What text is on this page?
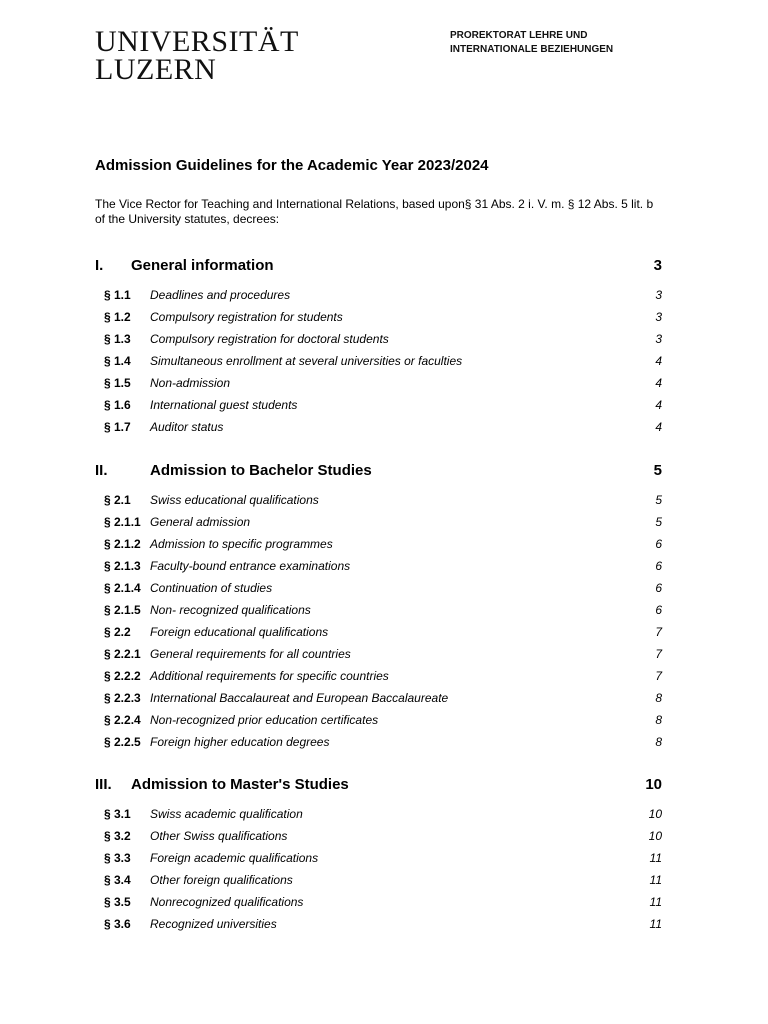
UNIVERSITÄT
LUZERN
PROREKTORAT LEHRE UND
INTERNATIONALE BEZIEHUNGEN
Admission Guidelines for the Academic Year 2023/2024

The Vice Rector for Teaching and International Relations, based upon§ 31 Abs. 2 i. V. m. § 12 Abs. 5 lit. b of the University statutes, decrees:

I. General information	3
§ 1.1 Deadlines and procedures	3
§ 1.2 Compulsory registration for students	3
§ 1.3 Compulsory registration for doctoral students	3
§ 1.4 Simultaneous enrollment at several universities or faculties	4
§ 1.5 Non-admission	4
§ 1.6 International guest students	4
§ 1.7 Auditor status	4
II.	Admission to Bachelor Studies	5
§ 2.1 Swiss educational qualifications	5
§ 2.1.1 General admission	5
§ 2.1.2 Admission to specific programmes	6
§ 2.1.3 Faculty-bound entrance examinations	6
§ 2.1.4 Continuation of studies	6
§ 2.1.5 Non- recognized qualifications	6
§ 2.2 Foreign educational qualifications	7
§ 2.2.1 General requirements for all countries	7
§ 2.2.2 Additional requirements for specific countries	7
§ 2.2.3 International Baccalaureat and European Baccalaureate	8
§ 2.2.4 Non-recognized prior education certificates	8
§ 2.2.5 Foreign higher education degrees	8
III. Admission to Master's Studies	10
§ 3.1 Swiss academic qualification	10
§ 3.2 Other Swiss qualifications	10
§ 3.3 Foreign academic qualifications	11
§ 3.4 Other foreign qualifications	11
§ 3.5 Nonrecognized qualifications	11
§ 3.6 Recognized universities	11
